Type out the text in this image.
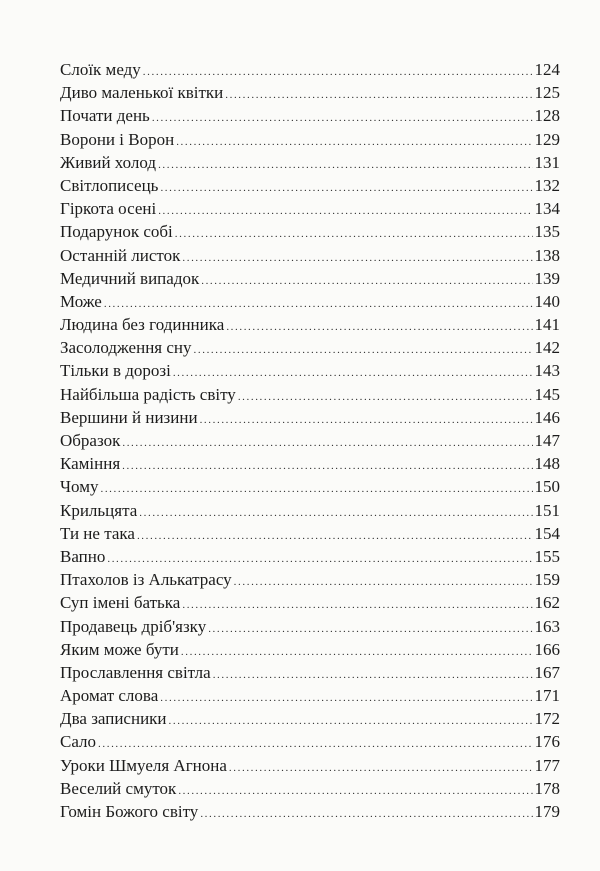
Слоїк меду .....	124
Диво маленької квітки .....	125
Почати день .....	128
Ворони і Ворон .....	129
Живий холод .....	131
Світлописець .....	132
Гіркота осені .....	134
Подарунок собі .....	135
Останній листок .....	138
Медичний випадок .....	139
Може .....	140
Людина без годинника .....	141
Засолодження сну .....	142
Тільки в дорозі .....	143
Найбільша радість світу .....	145
Вершини й низини .....	146
Образок .....	147
Каміння .....	148
Чому .....	150
Крильцята .....	151
Ти не така .....	154
Вапно .....	155
Птахолов із Алькатрасу .....	159
Суп імені батька .....	162
Продавець дріб'язку .....	163
Яким може бути .....	166
Прославлення світла .....	167
Аромат слова .....	171
Два записники .....	172
Сало .....	176
Уроки Шмуеля Агнона .....	177
Веселий смуток .....	178
Гомін Божого світу .....	179
